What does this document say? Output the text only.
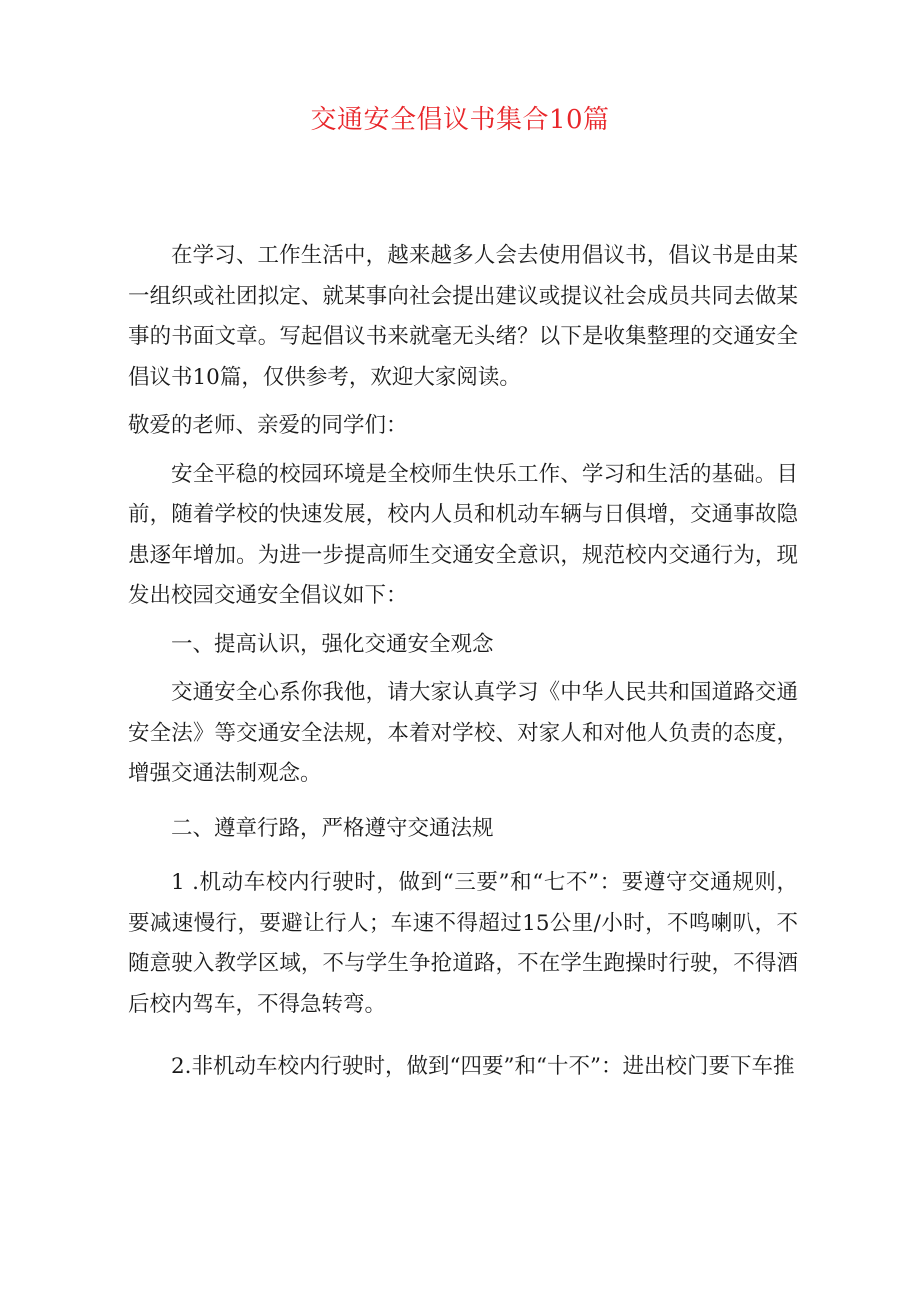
交通安全倡议书集合10篇

在学习、工作生活中，越来越多人会去使用倡议书，倡议书是由某一组织或社团拟定、就某事向社会提出建议或提议社会成员共同去做某事的书面文章。写起倡议书来就毫无头绪？以下是收集整理的交通安全倡议书10篇，仅供参考，欢迎大家阅读。

敬爱的老师、亲爱的同学们：

安全平稳的校园环境是全校师生快乐工作、学习和生活的基础。目前，随着学校的快速发展，校内人员和机动车辆与日俱增，交通事故隐患逐年增加。为进一步提高师生交通安全意识，规范校内交通行为，现发出校园交通安全倡议如下：

一、提高认识，强化交通安全观念

交通安全心系你我他，请大家认真学习《中华人民共和国道路交通安全法》等交通安全法规，本着对学校、对家人和对他人负责的态度，增强交通法制观念。

二、遵章行路，严格遵守交通法规

1 .机动车校内行驶时，做到“三要”和“七不”：要遵守交通规则，要减速慢行，要避让行人；车速不得超过15公里/小时，不鸣喇叭，不随意驶入教学区域，不与学生争抢道路，不在学生跑操时行驶，不得酒后校内驾车，不得急转弯。

2.非机动车校内行驶时，做到“四要”和“十不”：进出校门要下车推
